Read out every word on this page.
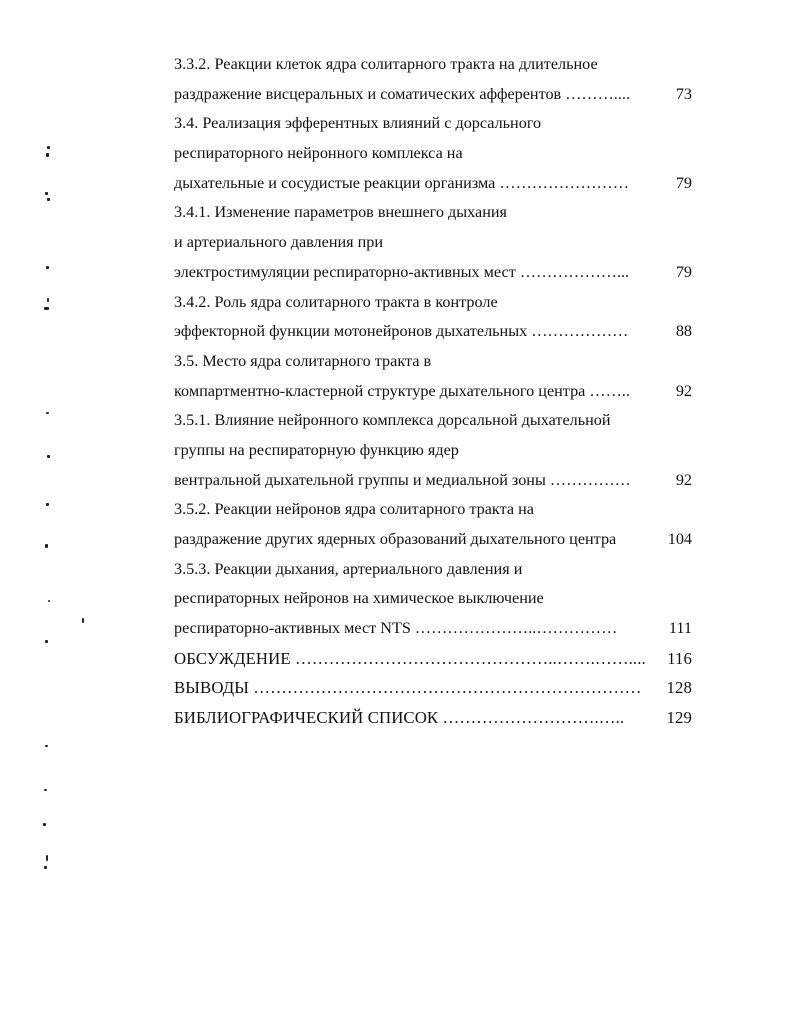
3.3.2. Реакции клеток ядра солитарного тракта на длительное
раздражение висцеральных и соматических афферентов ………....	73
3.4. Реализация эфферентных влияний с дорсального
респираторного нейронного комплекса на
дыхательные и сосудистые реакции организма ……………………	79
3.4.1. Изменение параметров внешнего дыхания
и артериального давления при
электростимуляции респираторно-активных мест ………………...	79
3.4.2. Роль ядра солитарного тракта в контроле
эффекторной функции мотонейронов дыхательных ………………	88
3.5. Место ядра солитарного тракта в
компартментно-кластерной структуре дыхательного центра ……..	92
3.5.1. Влияние нейронного комплекса дорсальной дыхательной
группы на респираторную функцию ядер
вентральной дыхательной группы и медиальной зоны ……………	92
3.5.2. Реакции нейронов ядра солитарного тракта на
раздражение других ядерных образований дыхательного центра	104
3.5.3. Реакции дыхания, артериального давления и
респираторных нейронов на химическое выключение
респираторно-активных мест NTS …………………..……………	111
ОБСУЖДЕНИЕ ………………………………………..…….…….... 116
ВЫВОДЫ …………………………………………………………… 128
БИБЛИОГРАФИЧЕСКИЙ СПИСОК ……………………….…..	129
